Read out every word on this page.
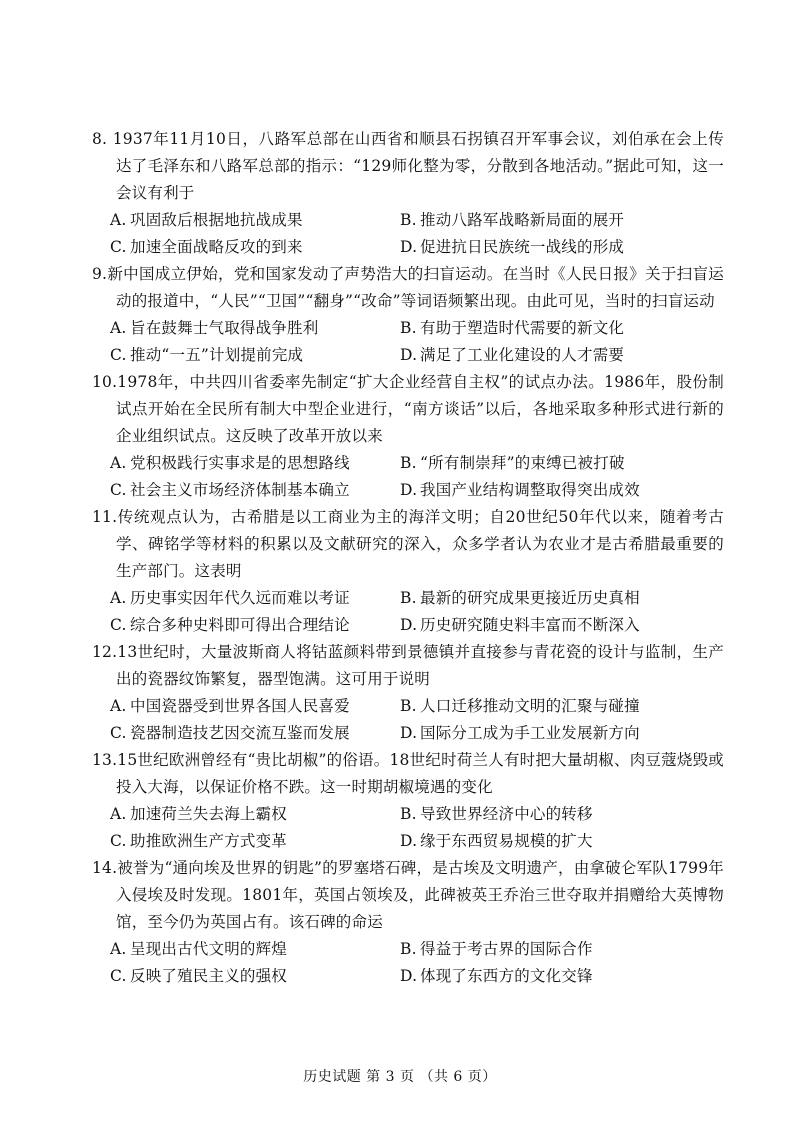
8. 1937年11月10日，八路军总部在山西省和顺县石拐镇召开军事会议，刘伯承在会上传达了毛泽东和八路军总部的指示：“129师化整为零，分散到各地活动。”据此可知，这一会议有利于
A. 巩固敌后根据地抗战成果	B. 推动八路军战略新局面的展开
C. 加速全面战略反攻的到来	D. 促进抗日民族统一战线的形成
9.新中国成立伊始，党和国家发动了声势浩大的扫盲运动。在当时《人民日报》关于扫盲运动的报道中，“人民”“卫国”“翻身”“改命”等词语频繁出现。由此可见，当时的扫盲运动
A. 旨在鼓舞士气取得战争胜利	B. 有助于塑造时代需要的新文化
C. 推动“一五”计划提前完成	D. 满足了工业化建设的人才需要
10.1978年，中共四川省委率先制定“扩大企业经营自主权”的试点办法。1986年，股份制试点开始在全民所有制大中型企业进行，“南方谈话”以后，各地采取多种形式进行新的企业组织试点。这反映了改革开放以来
A. 党积极践行实事求是的思想路线	B. “所有制崇拜”的束缚已被打破
C. 社会主义市场经济体制基本确立	D. 我国产业结构调整取得突出成效
11.传统观点认为，古希腊是以工商业为主的海洋文明；自20世纪50年代以来，随着考古学、碑铭学等材料的积累以及文献研究的深入，众多学者认为农业才是古希腊最重要的生产部门。这表明
A. 历史事实因年代久远而难以考证	B. 最新的研究成果更接近历史真相
C. 综合多种史料即可得出合理结论	D. 历史研究随史料丰富而不断深入
12.13世纪时，大量波斯商人将钴蓝颜料带到景德镇并直接参与青花瓷的设计与监制，生产出的瓷器纹饰繁复，器型饱满。这可用于说明
A. 中国瓷器受到世界各国人民喜爱	B. 人口迁移推动文明的汇聚与碰撞
C. 瓷器制造技艺因交流互鉴而发展	D. 国际分工成为手工业发展新方向
13.15世纪欧洲曾经有“贵比胡椒”的俗语。18世纪时荷兰人有时把大量胡椒、肉豆蔻烧毁或投入大海，以保证价格不跌。这一时期胡椒境遇的变化
A. 加速荷兰失去海上霸权	B. 导致世界经济中心的转移
C. 助推欧洲生产方式变革	D. 缘于东西贸易规模的扩大
14.被誉为“通向埃及世界的钥匙”的罗塞塔石碑，是古埃及文明遗产，由拿破仑军队1799年入侵埃及时发现。1801年，英国占领埃及，此碑被英王乔治三世夺取并捐赠给大英博物馆，至今仍为英国占有。该石碑的命运
A. 呈现出古代文明的辉煌	B. 得益于考古界的国际合作
C. 反映了殖民主义的强权	D. 体现了东西方的文化交锋
历史试题 第 3 页 （共 6 页）
